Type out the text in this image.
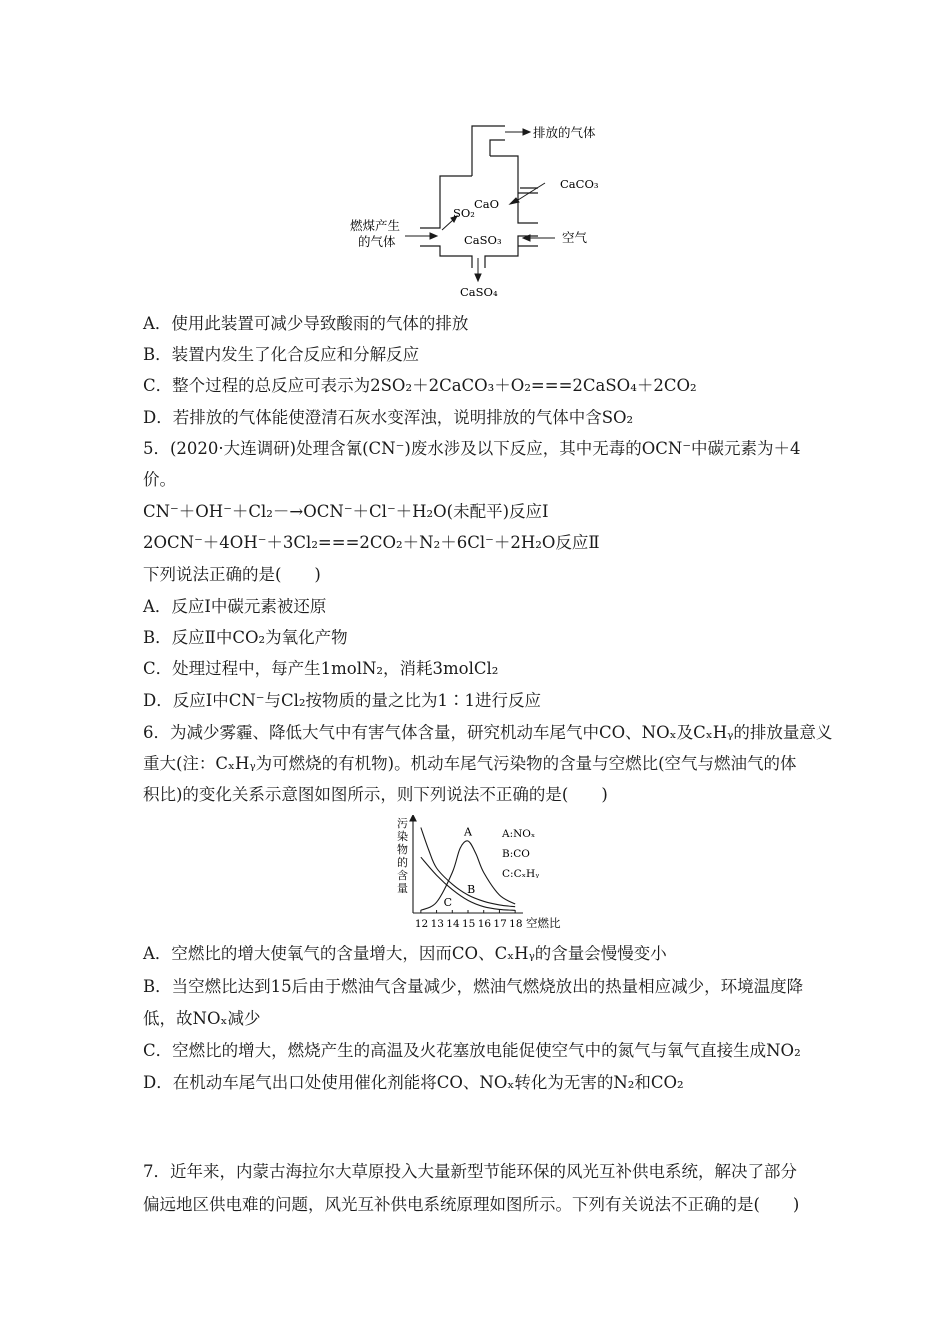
排放的气体
CaCO₃
CaO
SO₂
CaSO₃	空气
燃煤产生
的气体
CaSO₄
A．使用此装置可减少导致酸雨的气体的排放
B．装置内发生了化合反应和分解反应
C．整个过程的总反应可表示为2SO₂＋2CaCO₃＋O₂===2CaSO₄＋2CO₂
D．若排放的气体能使澄清石灰水变浑浊，说明排放的气体中含SO₂
5．(2020·大连调研)处理含氰(CN⁻)废水涉及以下反应，其中无毒的OCN⁻中碳元素为＋4
价。
CN⁻＋OH⁻＋Cl₂－→OCN⁻＋Cl⁻＋H₂O(未配平)反应Ⅰ
2OCN⁻＋4OH⁻＋3Cl₂===2CO₂＋N₂＋6Cl⁻＋2H₂O反应Ⅱ
下列说法正确的是(　　)
A．反应Ⅰ中碳元素被还原
B．反应Ⅱ中CO₂为氧化产物
C．处理过程中，每产生1molN₂，消耗3molCl₂
D．反应Ⅰ中CN⁻与Cl₂按物质的量之比为1∶1进行反应
6．为减少雾霾、降低大气中有害气体含量，研究机动车尾气中CO、NOₓ及CₓHᵧ的排放量意义
重大(注：CₓHᵧ为可燃烧的有机物)。机动车尾气污染物的含量与空燃比(空气与燃油气的体
积比)的变化关系示意图如图所示，则下列说法不正确的是(　　)
12 13 14 15 16 17 18
污染物的含量
空燃比
A:NOₓ
B:CO
C:CₓHᵧ
A
B
C
A．空燃比的增大使氧气的含量增大，因而CO、CₓHᵧ的含量会慢慢变小
B．当空燃比达到15后由于燃油气含量减少，燃油气燃烧放出的热量相应减少，环境温度降
低，故NOₓ减少
C．空燃比的增大，燃烧产生的高温及火花塞放电能促使空气中的氮气与氧气直接生成NO₂
D．在机动车尾气出口处使用催化剂能将CO、NOₓ转化为无害的N₂和CO₂
7．近年来，内蒙古海拉尔大草原投入大量新型节能环保的风光互补供电系统，解决了部分
偏远地区供电难的问题，风光互补供电系统原理如图所示。下列有关说法不正确的是(　　)
